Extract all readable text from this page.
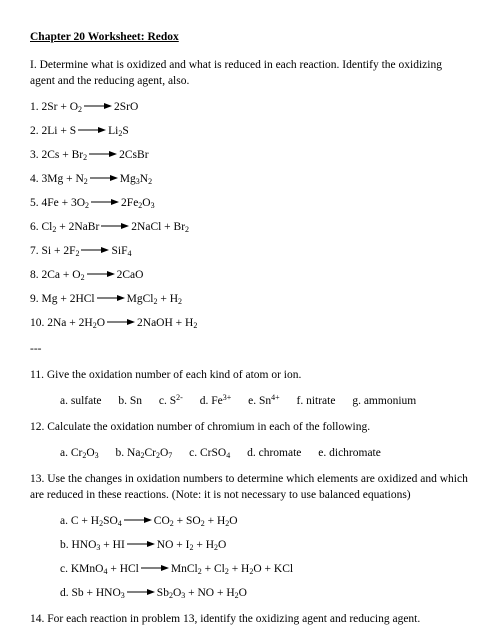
Chapter 20 Worksheet: Redox
I. Determine what is oxidized and what is reduced in each reaction. Identify the oxidizing
agent and the reducing agent, also.
1. $2Sr + O_2 \to 2SrO$
2. $2Li + S \to Li_2S$
3. $2Cs + Br_2$ → 2CsBr
4. $3Mg + N_2 \to Mg_3N_2$
5. $4Fe + 3O_2 \to 2Fe_2O_3$
6. $Cl_2$ + 2NaBr → 2NaCl + $Br_2$
7. $Si + 2F_2 \to SiF_4$
8. $2Ca + O_2 \to 2CaO$
9. Mg + 2HCl → MgCl$_2$ + $H_2$
10. $2Na + 2H_2O$ → 2NaOH + $H_2$
---
11. Give the oxidation number of each kind of atom or ion.
a. sulfate b. Sn c. $S^{2-}$ d. $Fe^{3+}$ e. $Sn^{4+}$ f. nitrate g. ammonium
12. Calculate the oxidation number of chromium in each of the following.
a. $Cr_2O_3$ b. $Na_2Cr_2O_7$ c. CrSO$_4$ d. chromate e. dichromate
13. Use the changes in oxidation numbers to determine which elements are oxidized and which
are reduced in these reactions. (Note: it is not necessary to use balanced equations)
a. $C + H_2SO_4 \to CO_2 + SO_2 + H_2O$
b. $HNO_3$ + HI → NO + $I_2 + H_2O$
c. KMnO$_4$ + HCl → MnCl$_2$ + $Cl_2 + H_2O$ + KCl
d. $Sb + HNO_3 \to Sb_2O_3$ + NO + $H_2O$
14. For each reaction in problem 13, identify the oxidizing agent and reducing agent.
